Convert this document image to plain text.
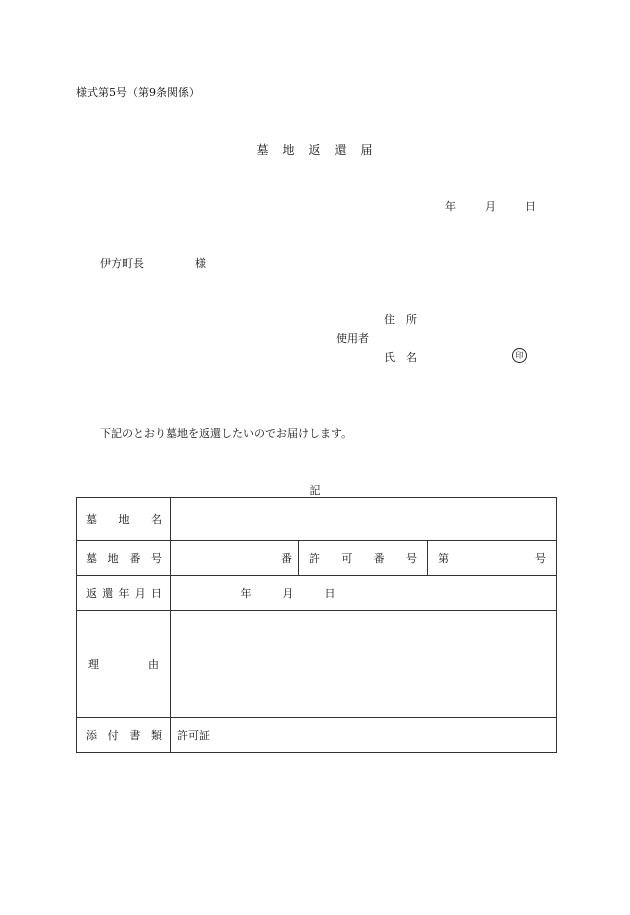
様式第5号（第9条関係）
墓　地　返　還　届
年	月	日
伊方町長	様
住　所
使用者
氏　名	印
下記のとおり墓地を返還したいのでお届けします。
記
墓 地 名			

墓 地 番 号	番	許 可 番 号	第 号

返 還 年 月 日	年 月 日		

理 由			

添 付 書 類	許可証		
